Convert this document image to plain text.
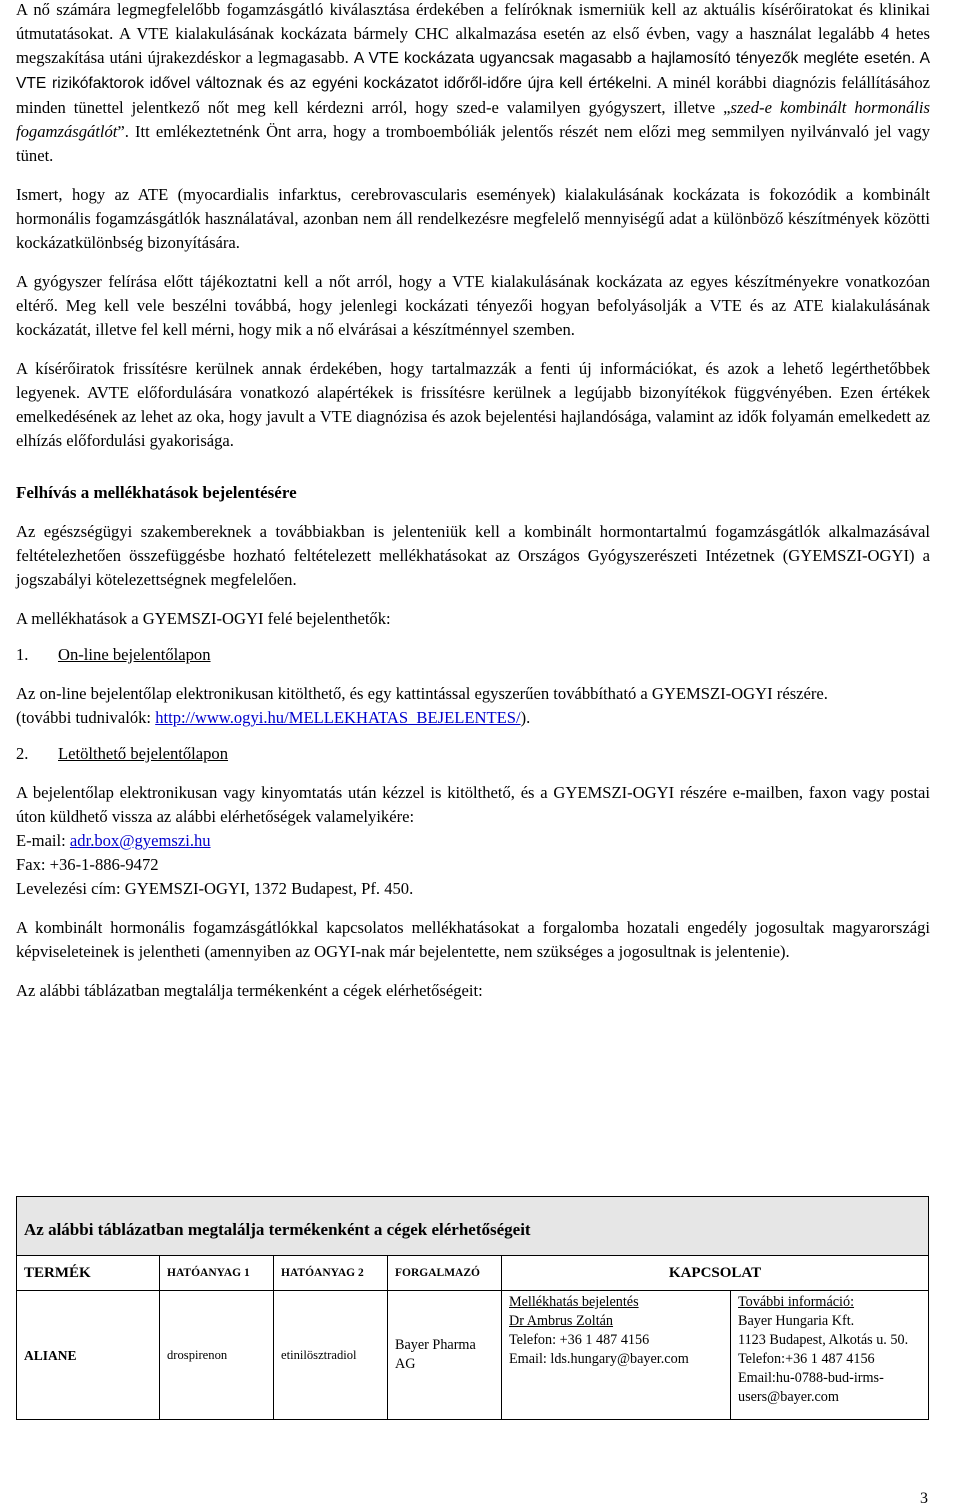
A nő számára legmegfelelőbb fogamzásgátló kiválasztása érdekében a felíróknak ismerniük kell az aktuális kísérőiratokat és klinikai útmutatásokat. A VTE kialakulásának kockázata bármely CHC alkalmazása esetén az első évben, vagy a használat legalább 4 hetes megszakítása utáni újrakezdéskor a legmagasabb. A VTE kockázata ugyancsak magasabb a hajlamosító tényezők megléte esetén. A VTE rizikófaktorok idővel változnak és az egyéni kockázatot időről-időre újra kell értékelni. A minél korábbi diagnózis felállításához minden tünettel jelentkező nőt meg kell kérdezni arról, hogy szed-e valamilyen gyógyszert, illetve „szed-e kombinált hormonális fogamzásgátlót”. Itt emlékeztetnénk Önt arra, hogy a tromboembóliák jelentős részét nem előzi meg semmilyen nyilvánvaló jel vagy tünet.

Ismert, hogy az ATE (myocardialis infarktus, cerebrovascularis események) kialakulásának kockázata is fokozódik a kombinált hormonális fogamzásgátlók használatával, azonban nem áll rendelkezésre megfelelő mennyiségű adat a különböző készítmények közötti kockázatkülönbség bizonyítására.

A gyógyszer felírása előtt tájékoztatni kell a nőt arról, hogy a VTE kialakulásának kockázata az egyes készítményekre vonatkozóan eltérő. Meg kell vele beszélni továbbá, hogy jelenlegi kockázati tényezői hogyan befolyásolják a VTE és az ATE kialakulásának kockázatát, illetve fel kell mérni, hogy mik a nő elvárásai a készítménnyel szemben.

A kísérőiratok frissítésre kerülnek annak érdekében, hogy tartalmazzák a fenti új információkat, és azok a lehető legérthetőbbek legyenek. AVTE előfordulására vonatkozó alapértékek is frissítésre kerülnek a legújabb bizonyítékok függvényében. Ezen értékek emelkedésének az lehet az oka, hogy javult a VTE diagnózisa és azok bejelentési hajlandósága, valamint az idők folyamán emelkedett az elhízás előfordulási gyakorisága.

Felhívás a mellékhatások bejelentésére

Az egészségügyi szakembereknek a továbbiakban is jelenteniük kell a kombinált hormontartalmú fogamzásgátlók alkalmazásával feltételezhetően összefüggésbe hozható feltételezett mellékhatásokat az Országos Gyógyszerészeti Intézetnek (GYEMSZI-OGYI) a jogszabályi kötelezettségnek megfelelően.

A mellékhatások a GYEMSZI-OGYI felé bejelenthetők:

1.	On-line bejelentőlapon

Az on-line bejelentőlap elektronikusan kitölthető, és egy kattintással egyszerűen továbbítható a GYEMSZI-OGYI részére.
(további tudnivalók: http://www.ogyi.hu/MELLEKHATAS_BEJELENTES/).

2.	Letölthető bejelentőlapon

A bejelentőlap elektronikusan vagy kinyomtatás után kézzel is kitölthető, és a GYEMSZI-OGYI részére e-mailben, faxon vagy postai úton küldhető vissza az alábbi elérhetőségek valamelyikére:
E-mail: adr.box@gyemszi.hu
Fax: +36-1-886-9472
Levelezési cím: GYEMSZI-OGYI, 1372 Budapest, Pf. 450.

A kombinált hormonális fogamzásgátlókkal kapcsolatos mellékhatásokat a forgalomba hozatali engedély jogosultak magyarországi képviseleteinek is jelentheti (amennyiben az OGYI-nak már bejelentette, nem szükséges a jogosultnak is jelentenie).

Az alábbi táblázatban megtalálja termékenként a cégek elérhetőségeit:

Az alábbi táblázatban megtalálja termékenként a cégek elérhetőségeit					
TERMÉK	HATÓANYAG 1	HATÓANYAG 2	FORGALMAZÓ	KAPCSOLAT	
ALIANE	drospirenon	etinilösztradiol	Bayer Pharma AG	Mellékhatás bejelentés
Dr Ambrus Zoltán
Telefon: +36 1 487 4156
Email: lds.hungary@bayer.com	További információ:
Bayer Hungaria Kft.
1123 Budapest, Alkotás u. 50.
Telefon:+36 1 487 4156
Email:hu-0788-bud-irms-users@bayer.com
3
